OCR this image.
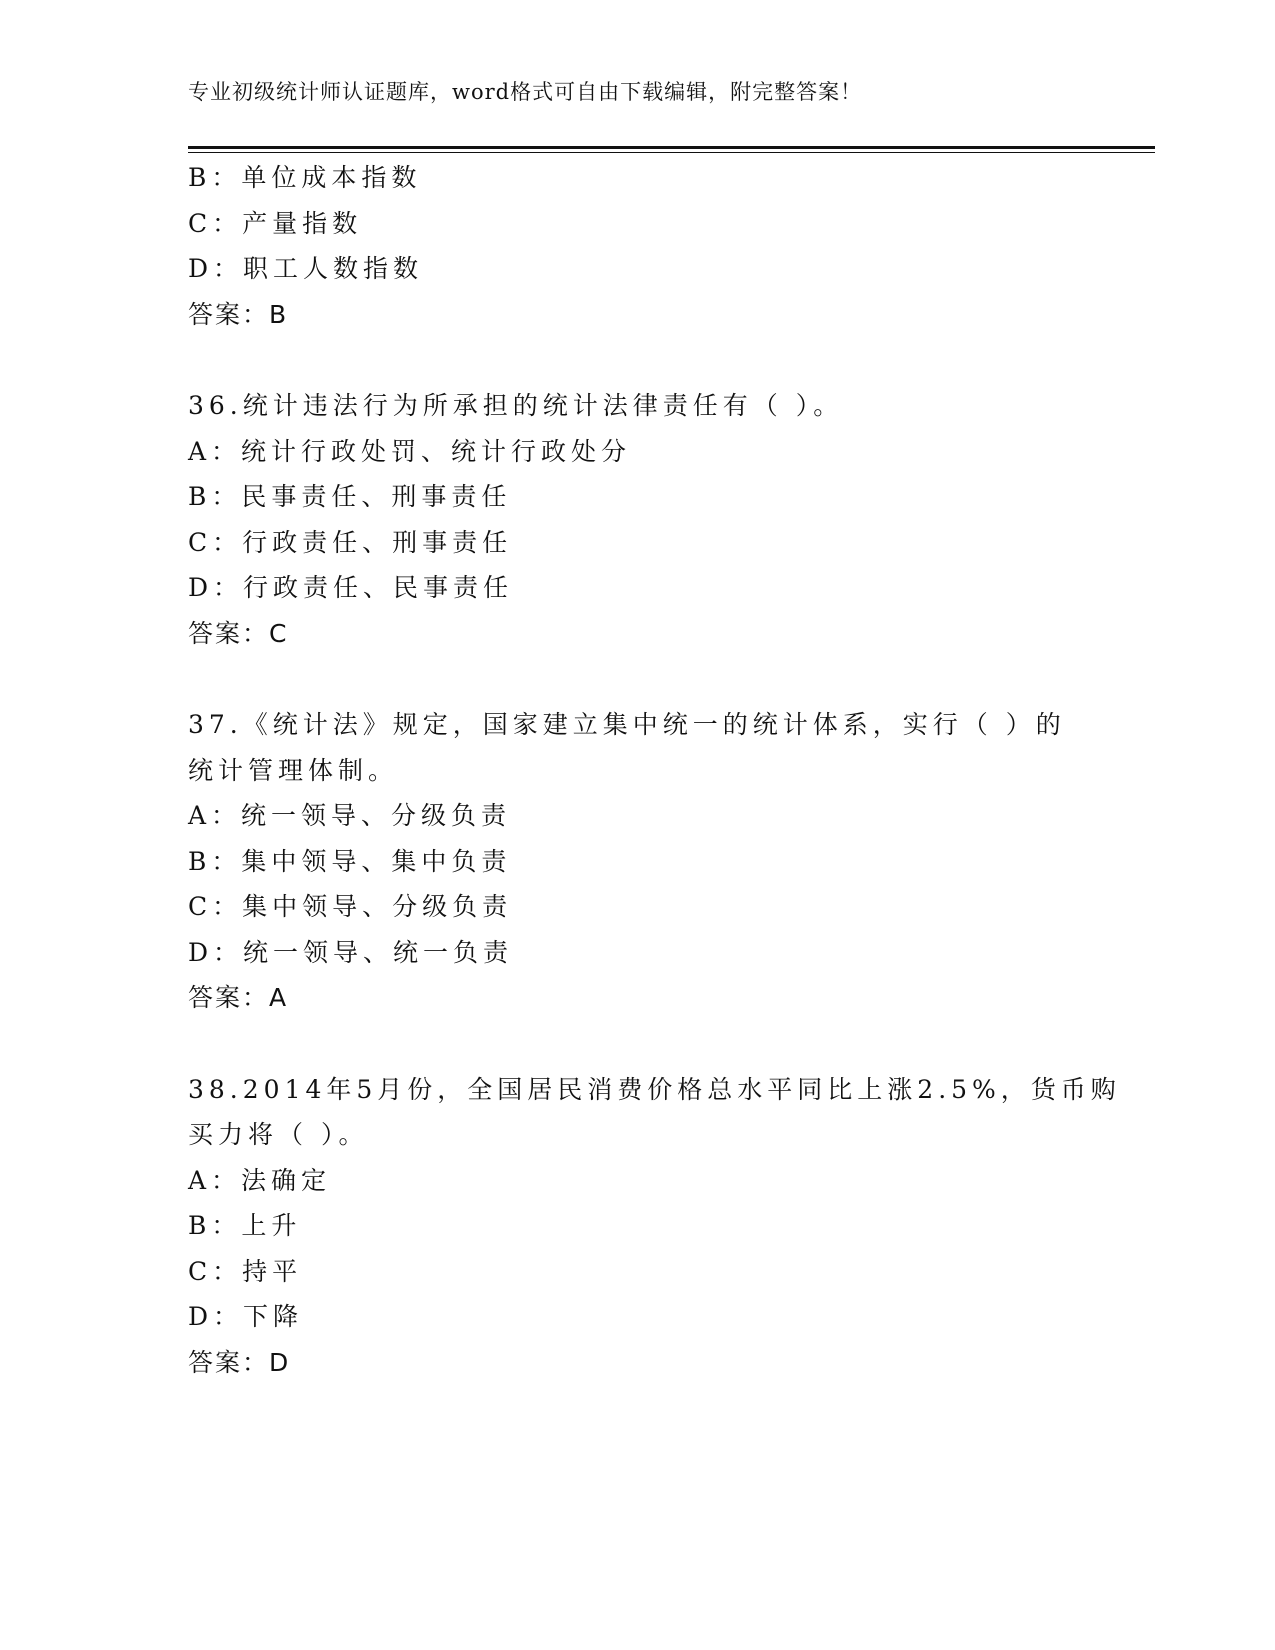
专业初级统计师认证题库，word格式可自由下载编辑，附完整答案！
B：单位成本指数
C：产量指数
D：职工人数指数
答案：B
36.统计违法行为所承担的统计法律责任有（ ）。
A：统计行政处罚、统计行政处分
B：民事责任、刑事责任
C：行政责任、刑事责任
D：行政责任、民事责任
答案：C
37.《统计法》规定，国家建立集中统一的统计体系，实行（ ）的
统计管理体制。
A：统一领导、分级负责
B：集中领导、集中负责
C：集中领导、分级负责
D：统一领导、统一负责
答案：A
38.2014年5月份，全国居民消费价格总水平同比上涨2.5%，货币购
买力将（ ）。
A：法确定
B：上升
C：持平
D：下降
答案：D
